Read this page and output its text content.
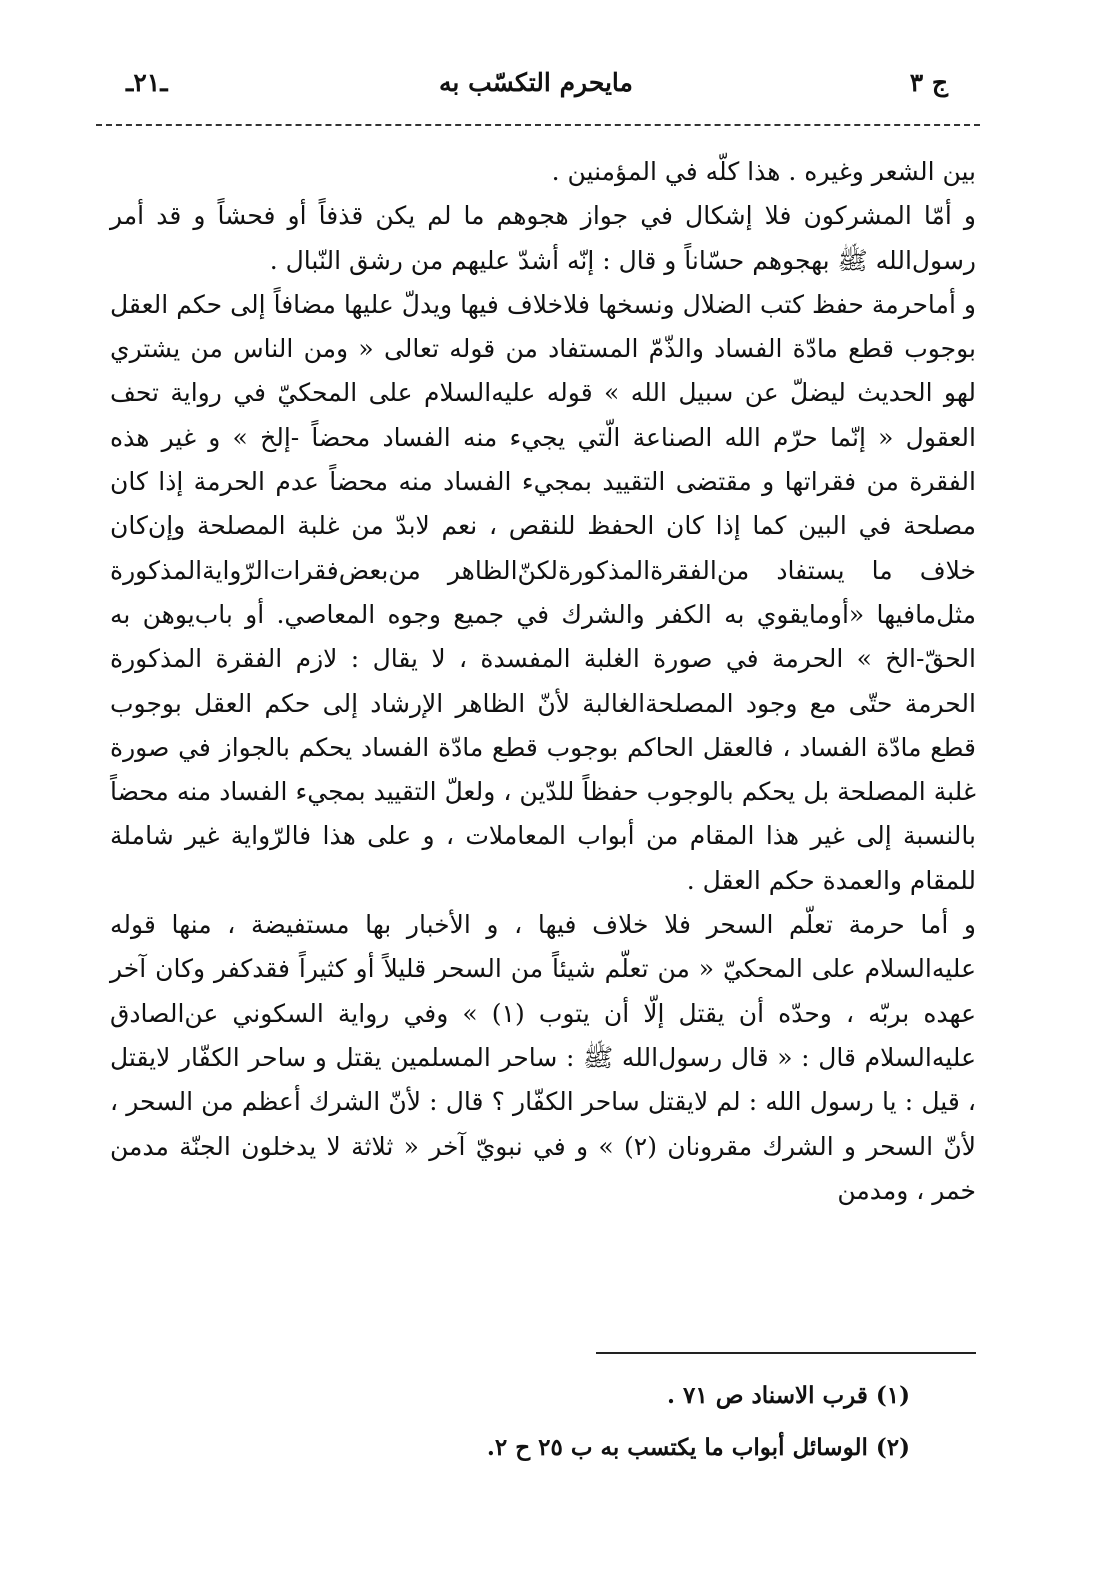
ج ٣
مايحرم التكسّب به
ـ٢١ـ

بين الشعر وغيره . هذا كلّه في المؤمنين .

و أمّا المشركون فلا إشكال في جواز هجوهم ما لم يكن قذفاً أو فحشاً و قد أمر رسول‌الله ﷺ بهجوهم حسّاناً و قال : إنّه أشدّ عليهم من رشق النّبال .

و أماحرمة حفظ كتب الضلال ونسخها فلاخلاف فيها ويدلّ عليها مضافاً إلى حكم العقل بوجوب قطع مادّة الفساد والذّمّ المستفاد من قوله تعالى « ومن الناس من يشتري لهو الحديث ليضلّ عن سبيل الله » قوله عليه‌السلام على المحكيّ في رواية تحف العقول « إنّما حرّم الله الصناعة الّتي يجيء منه الفساد محضاً -إلخ » و غير هذه الفقرة من فقراتها و مقتضى التقييد بمجيء الفساد منه محضاً عدم الحرمة إذا كان مصلحة في البين كما إذا كان الحفظ للنقص ، نعم لابدّ من غلبة المصلحة وإن‌كان خلاف ما يستفاد من‌الفقرةالمذكورةلكنّ‌الظاهر من‌بعض‌فقرات‌الرّواية‌المذكورة مثل‌مافيها «أومايقوي به الكفر والشرك في جميع وجوه المعاصي. أو باب‌يوهن به الحقّ-الخ » الحرمة في صورة الغلبة المفسدة ، لا يقال : لازم الفقرة المذكورة الحرمة حتّى مع وجود المصلحةالغالبة لأنّ الظاهر الإرشاد إلى حكم العقل بوجوب قطع مادّة الفساد ، فالعقل الحاكم بوجوب قطع مادّة الفساد يحكم بالجواز في صورة غلبة المصلحة بل يحكم بالوجوب حفظاً للدّين ، ولعلّ التقييد بمجيء الفساد منه محضاً بالنسبة إلى غير هذا المقام من أبواب المعاملات ، و على هذا فالرّواية غير شاملة للمقام والعمدة حكم العقل .

و أما حرمة تعلّم السحر فلا خلاف فيها ، و الأخبار بها مستفيضة ، منها قوله عليه‌السلام على المحكيّ « من تعلّم شيئاً من السحر قليلاً أو كثيراً فقدكفر وكان آخر عهده بربّه ، وحدّه أن يقتل إلّا أن يتوب (١) » وفي رواية السكوني عن‌الصادق عليه‌السلام قال : « قال رسول‌الله ﷺ : ساحر المسلمين يقتل و ساحر الكفّار لايقتل ، قيل : يا رسول الله : لم لايقتل ساحر الكفّار ؟ قال : لأنّ الشرك أعظم من السحر ، لأنّ السحر و الشرك مقرونان (٢) » و في نبويّ آخر « ثلاثة لا يدخلون الجنّة مدمن خمر ، ومدمن

(١) قرب الاسناد ص ٧١ .
(٢) الوسائل أبواب ما يكتسب به ب ٢٥ ح ٢.
